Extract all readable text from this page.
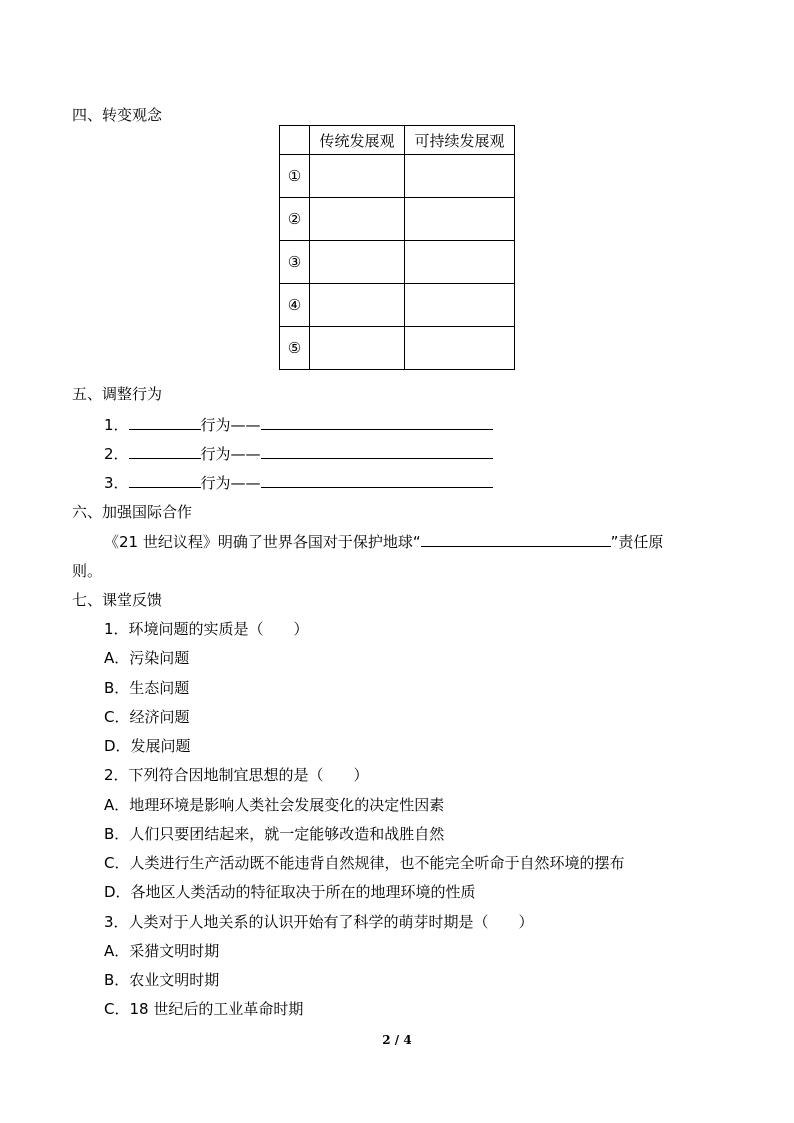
四、转变观念
	传统发展观	可持续发展观
①		
②		
③		
④		
⑤		
五、调整行为
1．	行为——
2．	行为——
3．	行为——
六、加强国际合作
《21 世纪议程》明确了世界各国对于保护地球“	”责任原
则。
七、课堂反馈
1．环境问题的实质是（　　）
A．污染问题
B．生态问题
C．经济问题
D．发展问题
2．下列符合因地制宜思想的是（　　）
A．地理环境是影响人类社会发展变化的决定性因素
B．人们只要团结起来，就一定能够改造和战胜自然
C．人类进行生产活动既不能违背自然规律，也不能完全听命于自然环境的摆布
D．各地区人类活动的特征取决于所在的地理环境的性质
3．人类对于人地关系的认识开始有了科学的萌芽时期是（　　）
A．采猎文明时期
B．农业文明时期
C．18 世纪后的工业革命时期
2 / 4
